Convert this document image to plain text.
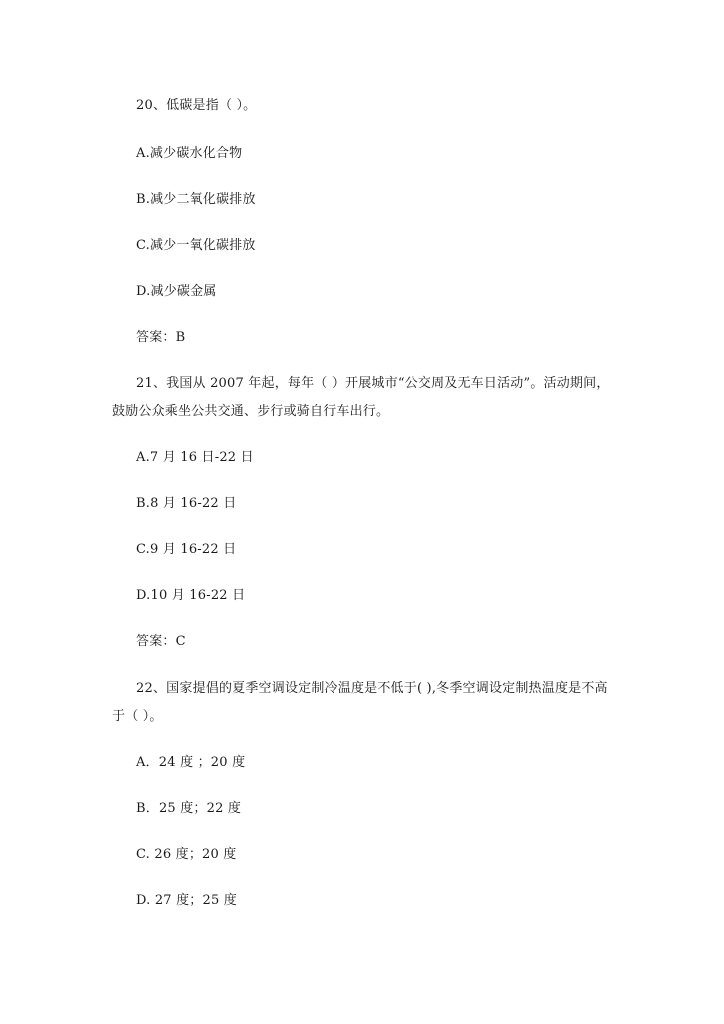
20、低碳是指（ ）。
A.减少碳水化合物
B.减少二氧化碳排放
C.减少一氧化碳排放
D.减少碳金属
答案：B
21、我国从 2007 年起，每年（ ）开展城市“公交周及无车日活动”。活动期间，
鼓励公众乘坐公共交通、步行或骑自行车出行。
A.7 月 16 日-22 日
B.8 月 16-22 日
C.9 月 16-22 日
D.10 月 16-22 日
答案：C
22、国家提倡的夏季空调设定制冷温度是不低于( ),冬季空调设定制热温度是不高
于（ ）。
A．24 度 ；20 度
B．25 度；22 度
C. 26 度；20 度
D. 27 度；25 度
